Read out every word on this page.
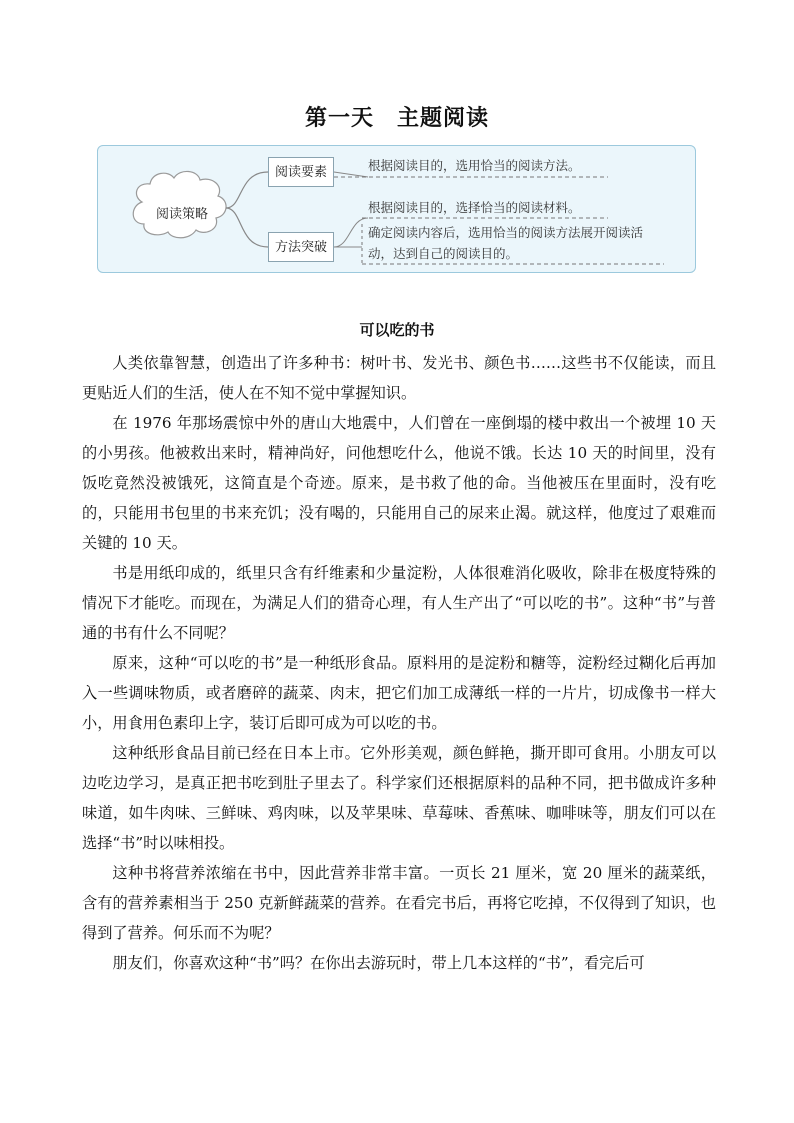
第一天　主题阅读
阅读策略
阅读要素
方法突破
根据阅读目的，选用恰当的阅读方法。
根据阅读目的，选择恰当的阅读材料。
确定阅读内容后，选用恰当的阅读方法展开阅读活动，达到自己的阅读目的。
可以吃的书

人类依靠智慧，创造出了许多种书：树叶书、发光书、颜色书……这些书不仅能读，而且更贴近人们的生活，使人在不知不觉中掌握知识。

在 1976 年那场震惊中外的唐山大地震中，人们曾在一座倒塌的楼中救出一个被埋 10 天的小男孩。他被救出来时，精神尚好，问他想吃什么，他说不饿。长达 10 天的时间里，没有饭吃竟然没被饿死，这简直是个奇迹。原来，是书救了他的命。当他被压在里面时，没有吃的，只能用书包里的书来充饥；没有喝的，只能用自己的尿来止渴。就这样，他度过了艰难而关键的 10 天。

书是用纸印成的，纸里只含有纤维素和少量淀粉，人体很难消化吸收，除非在极度特殊的情况下才能吃。而现在，为满足人们的猎奇心理，有人生产出了“可以吃的书”。这种“书”与普通的书有什么不同呢？

原来，这种“可以吃的书”是一种纸形食品。原料用的是淀粉和糖等，淀粉经过糊化后再加入一些调味物质，或者磨碎的蔬菜、肉末，把它们加工成薄纸一样的一片片，切成像书一样大小，用食用色素印上字，装订后即可成为可以吃的书。

这种纸形食品目前已经在日本上市。它外形美观，颜色鲜艳，撕开即可食用。小朋友可以边吃边学习，是真正把书吃到肚子里去了。科学家们还根据原料的品种不同，把书做成许多种味道，如牛肉味、三鲜味、鸡肉味，以及苹果味、草莓味、香蕉味、咖啡味等，朋友们可以在选择“书”时以味相投。

这种书将营养浓缩在书中，因此营养非常丰富。一页长 21 厘米，宽 20 厘米的蔬菜纸，含有的营养素相当于 250 克新鲜蔬菜的营养。在看完书后，再将它吃掉，不仅得到了知识，也得到了营养。何乐而不为呢？

朋友们，你喜欢这种“书”吗？在你出去游玩时，带上几本这样的“书”，看完后可
